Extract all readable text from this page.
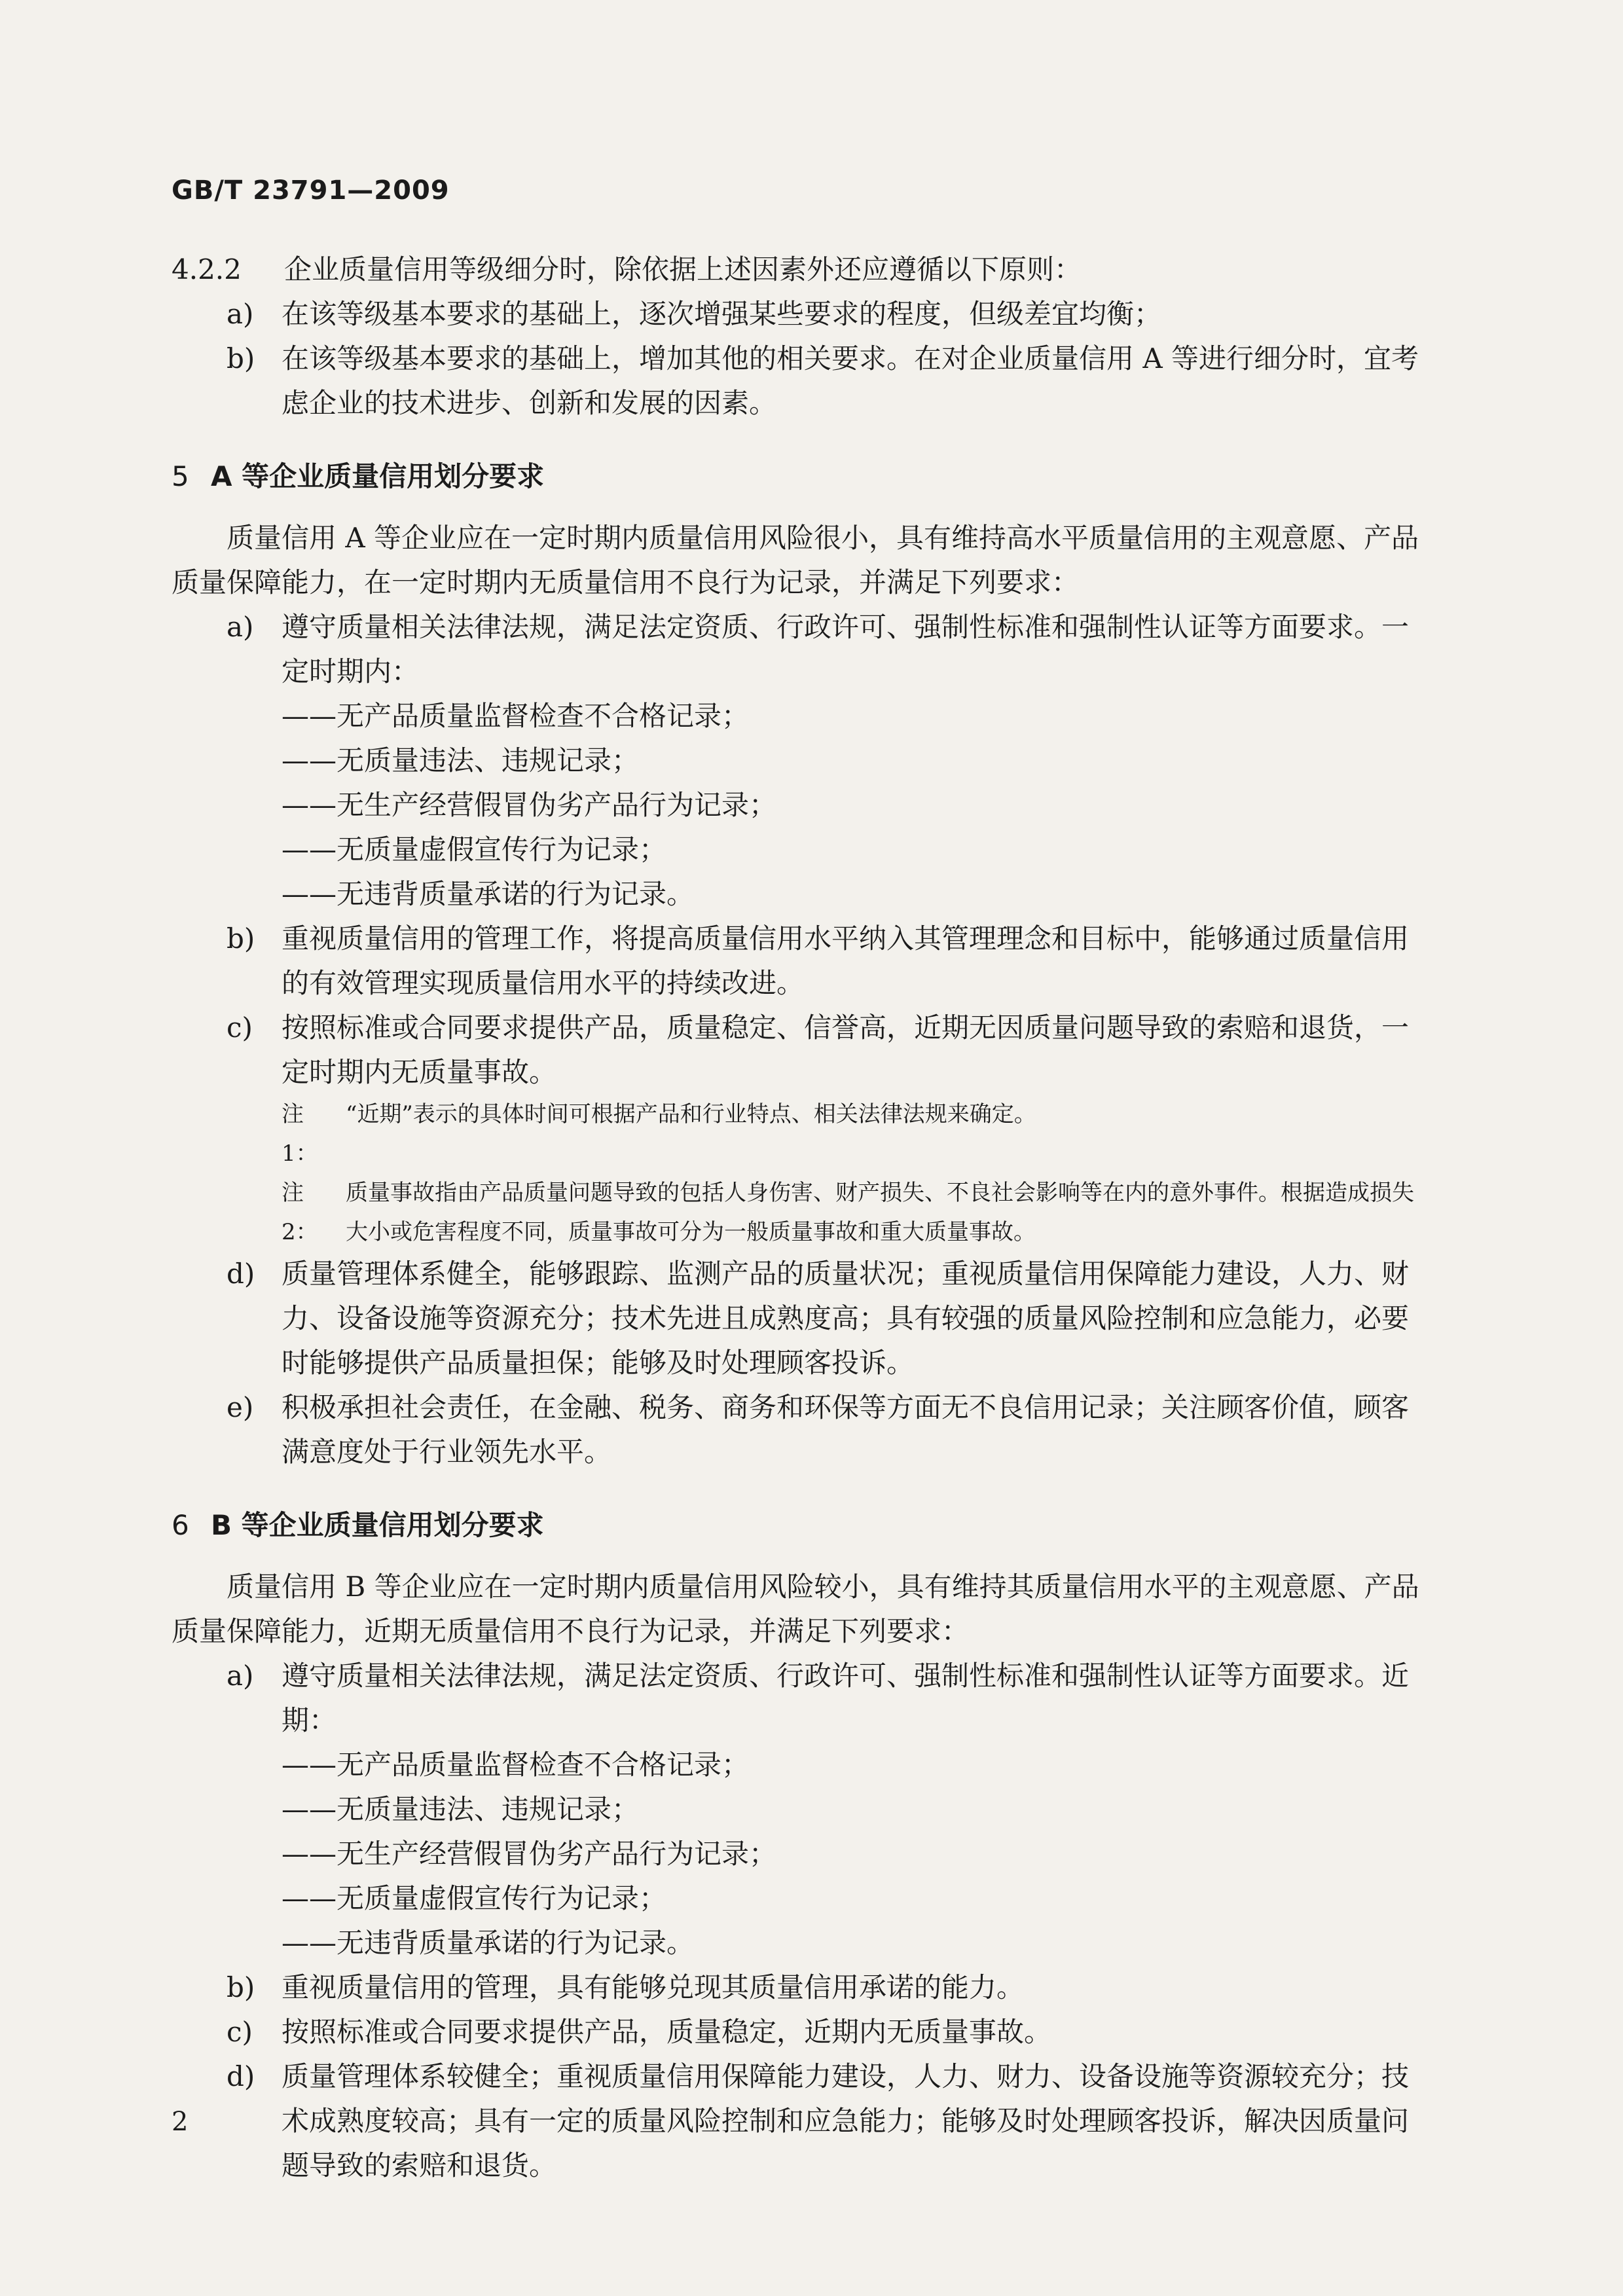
GB/T 23791—2009
4.2.2	企业质量信用等级细分时，除依据上述因素外还应遵循以下原则：
a)	在该等级基本要求的基础上，逐次增强某些要求的程度，但级差宜均衡；
b) 在该等级基本要求的基础上，增加其他的相关要求。在对企业质量信用 A 等进行细分时，宜考虑企业的技术进步、创新和发展的因素。
5 A 等企业质量信用划分要求

质量信用 A 等企业应在一定时期内质量信用风险很小，具有维持高水平质量信用的主观意愿、产品质量保障能力，在一定时期内无质量信用不良行为记录，并满足下列要求：

a)	遵守质量相关法律法规，满足法定资质、行政许可、强制性标准和强制性认证等方面要求。一定时期内：
——无产品质量监督检查不合格记录；
——无质量违法、违规记录；
——无生产经营假冒伪劣产品行为记录；
——无质量虚假宣传行为记录；
——无违背质量承诺的行为记录。
b) 重视质量信用的管理工作，将提高质量信用水平纳入其管理理念和目标中，能够通过质量信用的有效管理实现质量信用水平的持续改进。
c)	按照标准或合同要求提供产品，质量稳定、信誉高，近期无因质量问题导致的索赔和退货，一定时期内无质量事故。
注 1：
“近期”表示的具体时间可根据产品和行业特点、相关法律法规来确定。
注 2：
质量事故指由产品质量问题导致的包括人身伤害、财产损失、不良社会影响等在内的意外事件。根据造成损失大小或危害程度不同，质量事故可分为一般质量事故和重大质量事故。
d) 质量管理体系健全，能够跟踪、监测产品的质量状况；重视质量信用保障能力建设，人力、财力、设备设施等资源充分；技术先进且成熟度高；具有较强的质量风险控制和应急能力，必要时能够提供产品质量担保；能够及时处理顾客投诉。
e)	积极承担社会责任，在金融、税务、商务和环保等方面无不良信用记录；关注顾客价值，顾客满意度处于行业领先水平。
6 B 等企业质量信用划分要求

质量信用 B 等企业应在一定时期内质量信用风险较小，具有维持其质量信用水平的主观意愿、产品质量保障能力，近期无质量信用不良行为记录，并满足下列要求：

a)	遵守质量相关法律法规，满足法定资质、行政许可、强制性标准和强制性认证等方面要求。近期：
——无产品质量监督检查不合格记录；
——无质量违法、违规记录；
——无生产经营假冒伪劣产品行为记录；
——无质量虚假宣传行为记录；
——无违背质量承诺的行为记录。
b) 重视质量信用的管理，具有能够兑现其质量信用承诺的能力。
c)	按照标准或合同要求提供产品，质量稳定，近期内无质量事故。
d) 质量管理体系较健全；重视质量信用保障能力建设，人力、财力、设备设施等资源较充分；技术成熟度较高；具有一定的质量风险控制和应急能力；能够及时处理顾客投诉，解决因质量问题导致的索赔和退货。
2
